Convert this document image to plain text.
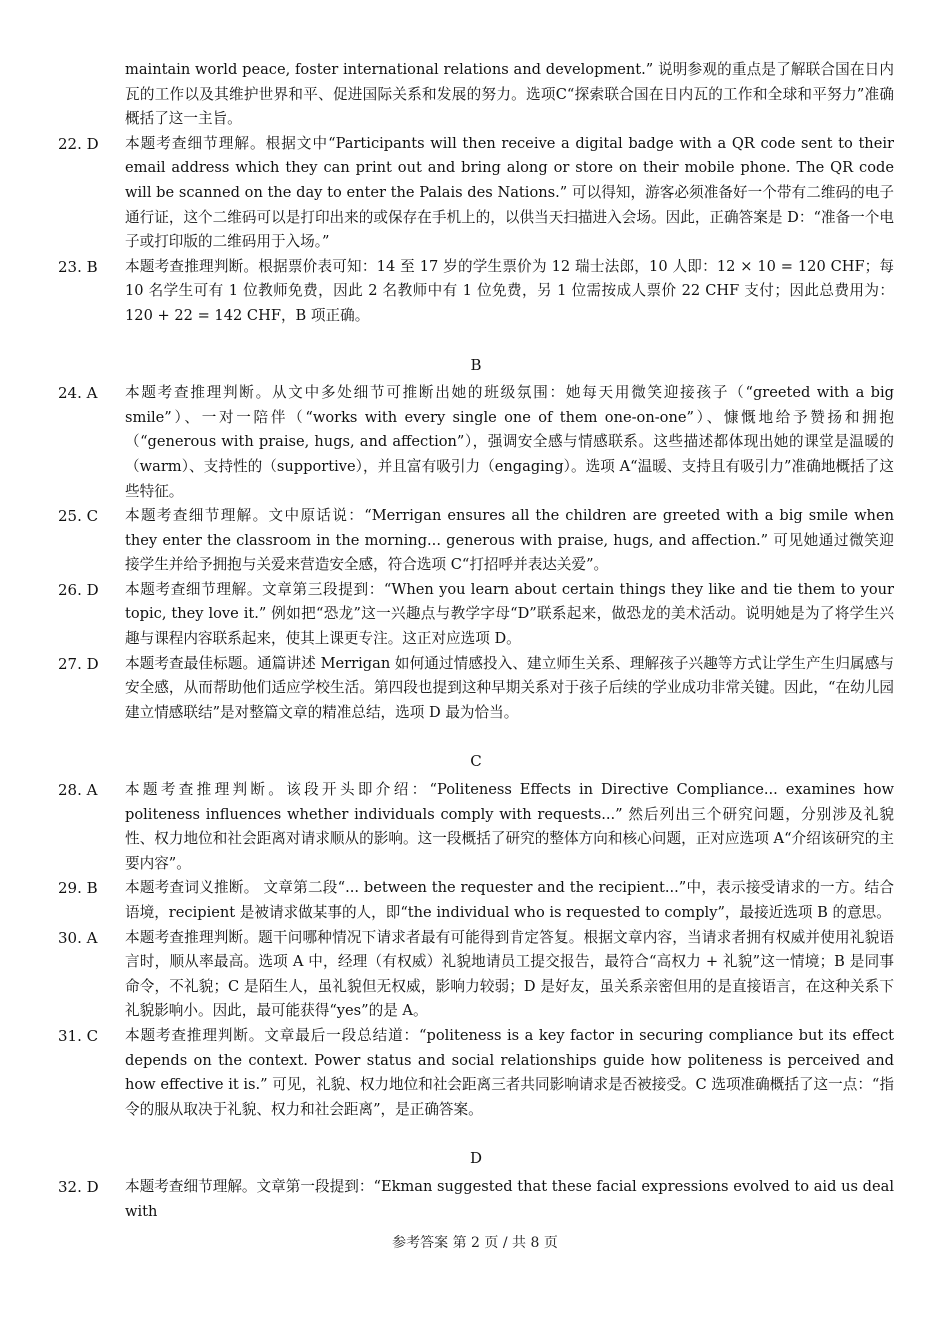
maintain world peace, foster international relations and development.” 说明参观的重点是了解联合国在日内瓦的工作以及其维护世界和平、促进国际关系和发展的努力。选项C“探索联合国在日内瓦的工作和全球和平努力”准确概括了这一主旨。
22. D	本题考查细节理解。根据文中“Participants will then receive a digital badge with a QR code sent to their email address which they can print out and bring along or store on their mobile phone. The QR code will be scanned on the day to enter the Palais des Nations.” 可以得知，游客必须准备好一个带有二维码的电子通行证，这个二维码可以是打印出来的或保存在手机上的，以供当天扫描进入会场。因此，正确答案是 D：“准备一个电子或打印版的二维码用于入场。”
23. B	本题考查推理判断。根据票价表可知：14 至 17 岁的学生票价为 12 瑞士法郎，10 人即：12 × 10 = 120 CHF；每 10 名学生可有 1 位教师免费，因此 2 名教师中有 1 位免费，另 1 位需按成人票价 22 CHF 支付；因此总费用为：120 + 22 = 142 CHF，B 项正确。
B
24. A	本题考查推理判断。从文中多处细节可推断出她的班级氛围：她每天用微笑迎接孩子（“greeted with a big smile”）、一对一陪伴（“works with every single one of them one-on-one”）、慷慨地给予赞扬和拥抱（“generous with praise, hugs, and affection”），强调安全感与情感联系。这些描述都体现出她的课堂是温暖的（warm）、支持性的（supportive），并且富有吸引力（engaging）。选项 A“温暖、支持且有吸引力”准确地概括了这些特征。
25. C	本题考查细节理解。文中原话说：“Merrigan ensures all the children are greeted with a big smile when they enter the classroom in the morning... generous with praise, hugs, and affection.” 可见她通过微笑迎接学生并给予拥抱与关爱来营造安全感，符合选项 C“打招呼并表达关爱”。
26. D	本题考查细节理解。文章第三段提到：“When you learn about certain things they like and tie them to your topic, they love it.” 例如把“恐龙”这一兴趣点与教学字母“D”联系起来，做恐龙的美术活动。说明她是为了将学生兴趣与课程内容联系起来，使其上课更专注。这正对应选项 D。
27. D	本题考查最佳标题。通篇讲述 Merrigan 如何通过情感投入、建立师生关系、理解孩子兴趣等方式让学生产生归属感与安全感，从而帮助他们适应学校生活。第四段也提到这种早期关系对于孩子后续的学业成功非常关键。因此，“在幼儿园建立情感联结”是对整篇文章的精准总结，选项 D 最为恰当。
C
28. A	本题考查推理判断。该段开头即介绍：“Politeness Effects in Directive Compliance... examines how politeness influences whether individuals comply with requests...” 然后列出三个研究问题，分别涉及礼貌性、权力地位和社会距离对请求顺从的影响。这一段概括了研究的整体方向和核心问题，正对应选项 A“介绍该研究的主要内容”。
29. B	本题考查词义推断。 文章第二段“... between the requester and the recipient...”中，表示接受请求的一方。结合语境，recipient 是被请求做某事的人，即“the individual who is requested to comply”，最接近选项 B 的意思。
30. A	本题考查推理判断。题干问哪种情况下请求者最有可能得到肯定答复。根据文章内容，当请求者拥有权威并使用礼貌语言时，顺从率最高。选项 A 中，经理（有权威）礼貌地请员工提交报告，最符合“高权力 + 礼貌”这一情境；B 是同事命令，不礼貌；C 是陌生人，虽礼貌但无权威，影响力较弱；D 是好友，虽关系亲密但用的是直接语言，在这种关系下礼貌影响小。因此，最可能获得“yes”的是 A。
31. C	本题考查推理判断。文章最后一段总结道：“politeness is a key factor in securing compliance but its effect depends on the context. Power status and social relationships guide how politeness is perceived and how effective it is.” 可见，礼貌、权力地位和社会距离三者共同影响请求是否被接受。C 选项准确概括了这一点：“指令的服从取决于礼貌、权力和社会距离”，是正确答案。
D
32. D	本题考查细节理解。文章第一段提到：“Ekman suggested that these facial expressions evolved to aid us deal with
参考答案 第 2 页 / 共 8 页
